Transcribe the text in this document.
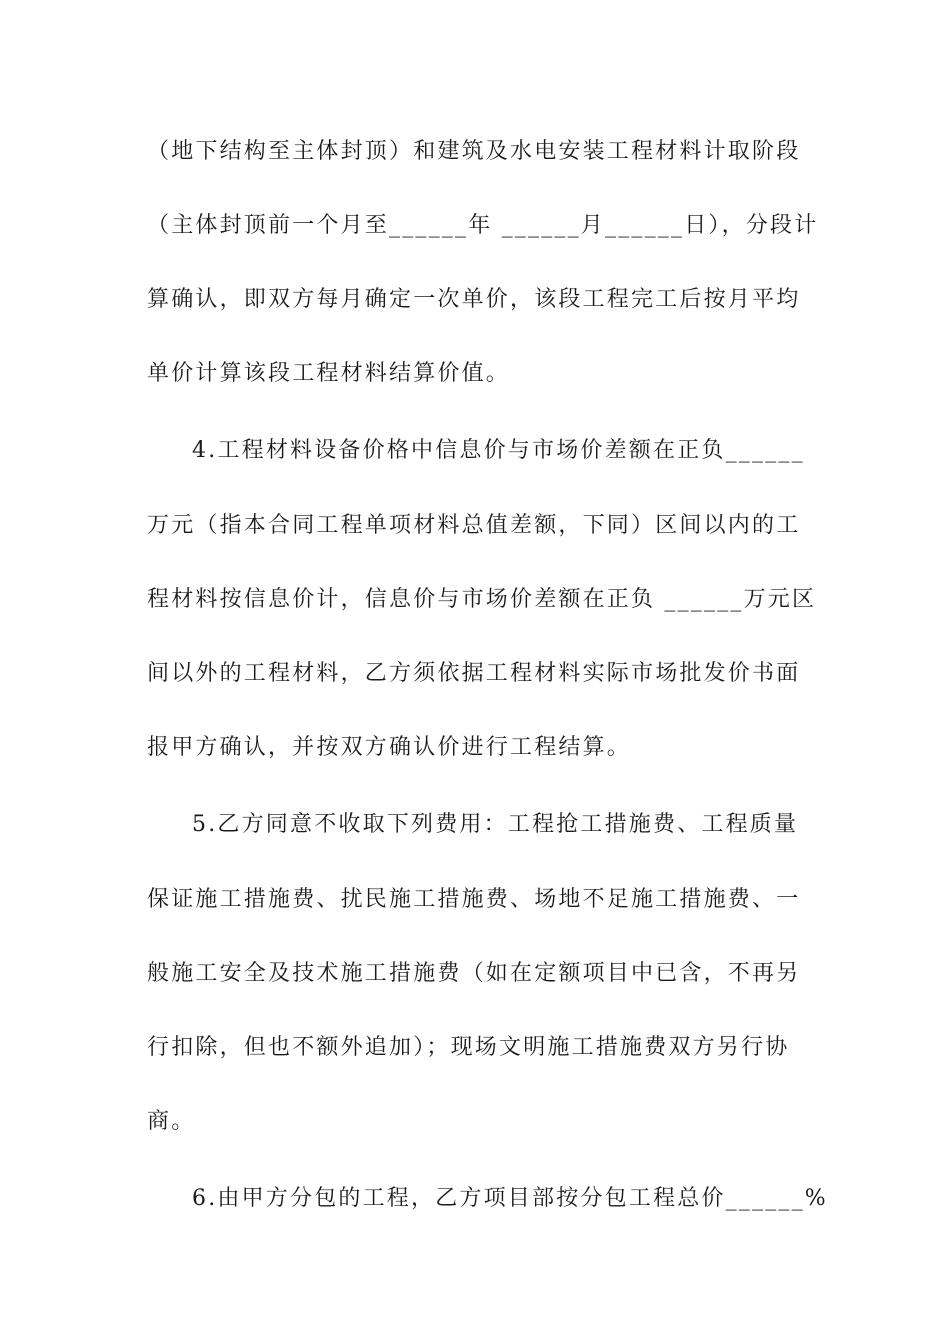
（地下结构至主体封顶）和建筑及水电安装工程材料计取阶段
（主体封顶前一个月至______年 ______月______日），分段计
算确认，即双方每月确定一次单价，该段工程完工后按月平均
单价计算该段工程材料结算价值。
4.工程材料设备价格中信息价与市场价差额在正负______
万元（指本合同工程单项材料总值差额，下同）区间以内的工
程材料按信息价计，信息价与市场价差额在正负 ______万元区
间以外的工程材料，乙方须依据工程材料实际市场批发价书面
报甲方确认，并按双方确认价进行工程结算。
5.乙方同意不收取下列费用：工程抢工措施费、工程质量
保证施工措施费、扰民施工措施费、场地不足施工措施费、一
般施工安全及技术施工措施费（如在定额项目中已含，不再另
行扣除，但也不额外追加）；现场文明施工措施费双方另行协
商。
6.由甲方分包的工程，乙方项目部按分包工程总价______%
